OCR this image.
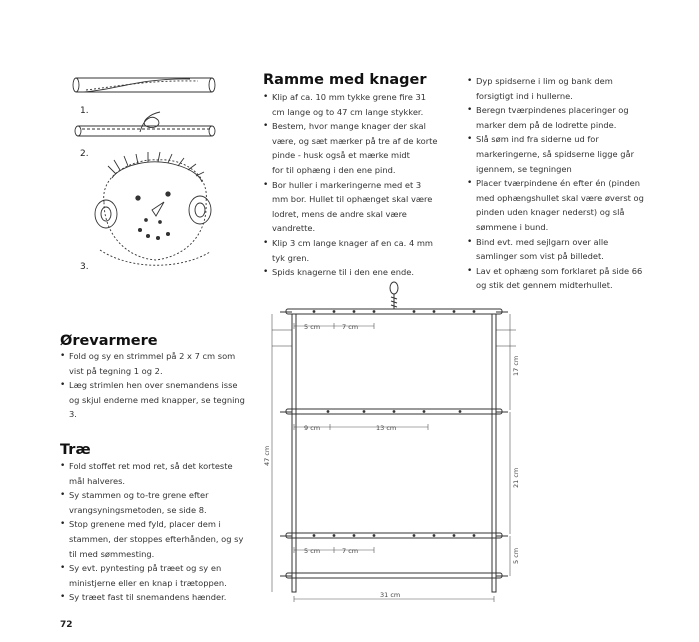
1.
2.
3.
Ramme med knager
• Klip af ca. 10 mm tykke grene fire 31
cm lange og to 47 cm lange stykker.
• Bestem, hvor mange knager der skal
være, og sæt mærker på tre af de korte
pinde - husk også et mærke midt
for til ophæng i den ene pind.
• Bor huller i markeringerne med et 3
mm bor. Hullet til ophænget skal være
lodret, mens de andre skal være
vandrette.
• Klip 3 cm lange knager af en ca. 4 mm
tyk gren.
• Spids knagerne til i den ene ende.
• Dyp spidserne i lim og bank dem forsigtigt ind i hullerne.
• Beregn tværpindenes placeringer og marker dem på de lodrette pinde.
• Slå søm ind fra siderne ud for markeringerne, så spidserne ligge går igennem, se tegningen
• Placer tværpindene én efter én (pinden med ophængshullet skal være øverst og pinden uden knager nederst) og slå sømmene i bund.
• Bind evt. med sejlgarn over alle samlinger som vist på billedet.
• Lav et ophæng som forklaret på side 66 og stik det gennem midterhullet.
Ørevarmere
• Fold og sy en strimmel på 2 x 7 cm som vist på tegning 1 og 2.
• Læg strimlen hen over snemandens isse og skjul enderne med knapper, se tegning 3.
Træ
• Fold stoffet ret mod ret, så det korteste mål halveres.
• Sy stammen og to-tre grene efter vrangsyningsmetoden, se side 8.
• Stop grenene med fyld, placer dem i stammen, der stoppes efterhånden, og sy til med sømmesting.
• Sy evt. pyntesting på træet og sy en ministjerne eller en knap i trætoppen.
• Sy træet fast til snemandens hænder.
5 cm	7 cm
9 cm	13 cm
5 cm	7 cm
31 cm
47 cm
17 cm
21 cm
5 cm
72
